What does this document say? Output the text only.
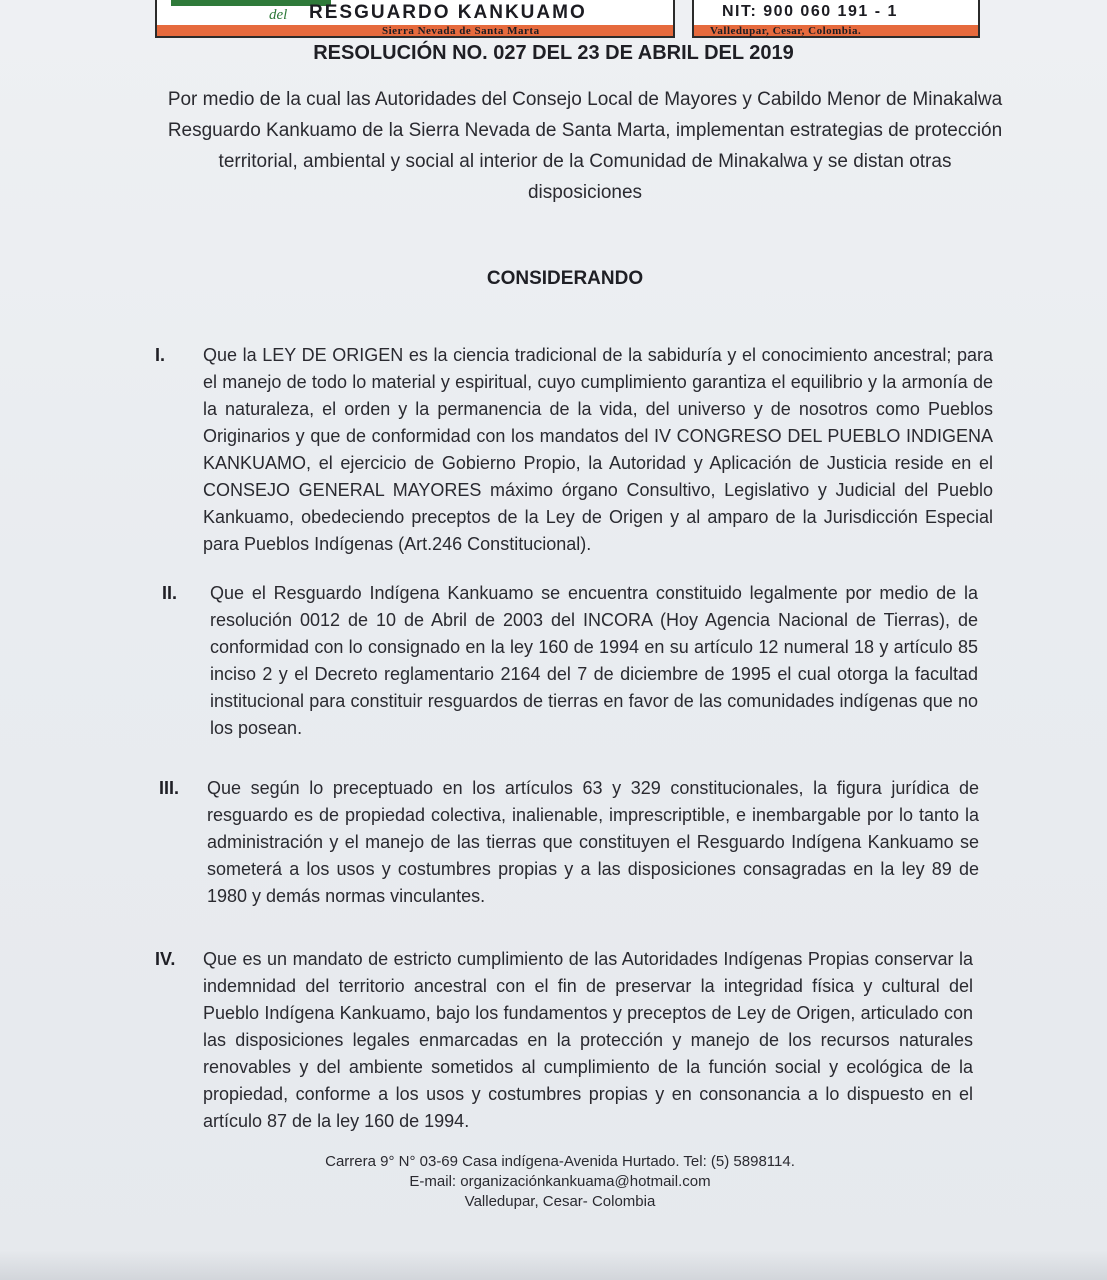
del RESGUARDO KANKUAMO
Sierra Nevada de Santa Marta
NIT: 900 060 191 - 1
Valledupar, Cesar, Colombia.
RESOLUCIÓN NO. 027 DEL 23 DE ABRIL DEL 2019
Por medio de la cual las Autoridades del Consejo Local de Mayores y Cabildo Menor de Minakalwa Resguardo Kankuamo de la Sierra Nevada de Santa Marta, implementan estrategias de protección territorial, ambiental y social al interior de la Comunidad de Minakalwa y se distan otras disposiciones
CONSIDERANDO
I. Que la LEY DE ORIGEN es la ciencia tradicional de la sabiduría y el conocimiento ancestral; para el manejo de todo lo material y espiritual, cuyo cumplimiento garantiza el equilibrio y la armonía de la naturaleza, el orden y la permanencia de la vida, del universo y de nosotros como Pueblos Originarios y que de conformidad con los mandatos del IV CONGRESO DEL PUEBLO INDIGENA KANKUAMO, el ejercicio de Gobierno Propio, la Autoridad y Aplicación de Justicia reside en el CONSEJO GENERAL MAYORES máximo órgano Consultivo, Legislativo y Judicial del Pueblo Kankuamo, obedeciendo preceptos de la Ley de Origen y al amparo de la Jurisdicción Especial para Pueblos Indígenas (Art.246 Constitucional).
II. Que el Resguardo Indígena Kankuamo se encuentra constituido legalmente por medio de la resolución 0012 de 10 de Abril de 2003 del INCORA (Hoy Agencia Nacional de Tierras), de conformidad con lo consignado en la ley 160 de 1994 en su artículo 12 numeral 18 y artículo 85 inciso 2 y el Decreto reglamentario 2164 del 7 de diciembre de 1995 el cual otorga la facultad institucional para constituir resguardos de tierras en favor de las comunidades indígenas que no los posean.
III. Que según lo preceptuado en los artículos 63 y 329 constitucionales, la figura jurídica de resguardo es de propiedad colectiva, inalienable, imprescriptible, e inembargable por lo tanto la administración y el manejo de las tierras que constituyen el Resguardo Indígena Kankuamo se someterá a los usos y costumbres propias y a las disposiciones consagradas en la ley 89 de 1980 y demás normas vinculantes.
IV. Que es un mandato de estricto cumplimiento de las Autoridades Indígenas Propias conservar la indemnidad del territorio ancestral con el fin de preservar la integridad física y cultural del Pueblo Indígena Kankuamo, bajo los fundamentos y preceptos de Ley de Origen, articulado con las disposiciones legales enmarcadas en la protección y manejo de los recursos naturales renovables y del ambiente sometidos al cumplimiento de la función social y ecológica de la propiedad, conforme a los usos y costumbres propias y en consonancia a lo dispuesto en el artículo 87 de la ley 160 de 1994.
Carrera 9° N° 03-69 Casa indígena-Avenida Hurtado. Tel: (5) 5898114.
E-mail: organizaciónkankuama@hotmail.com
Valledupar, Cesar- Colombia
